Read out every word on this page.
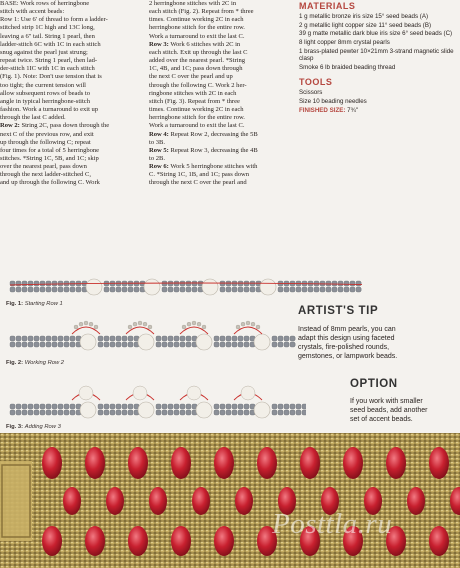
BASE: Work rows of herringbone

stitch with accent beads:

Row 1: Use 6' of thread to form a ladder-

stitched strip 1C high and 13C long,

leaving a 6" tail. String 1 pearl, then

ladder-stitch 6C with 1C in each stitch

snug against the pearl just strung;

repeat twice. String 1 pearl, then lad-

der-stitch 1IC with 1C in each stitch

(Fig. 1). Note: Don't use tension that is

too tight; the current tension will

allow subsequent rows of beads to

angle in typical herringbone-stitch

fashion. Work a turnaround to exit up

through the last C added.

Row 2: String 2C, pass down through the

next C of the previous row, and exit

up through the following C; repeat

four times for a total of 5 herringbone

stitches. *String 1C, 5B, and 1C; skip

over the nearest pearl, pass down

through the next ladder-stitched C,

and up through the following C. Work

2 herringbone stitches with 2C in

each stitch (Fig. 2). Repeat from * three

times. Continue working 2C in each

herringbone stitch for the entire row.

Work a turnaround to exit the last C.

Row 3: Work 6 stitches with 2C in

each stitch. Exit up through the last C

added over the nearest pearl. *String

1C, 4B, and 1C; pass down through

the next C over the pearl and up

through the following C. Work 2 her-

ringbone stitches with 2C in each

stitch (Fig. 3). Repeat from * three

times. Continue working 2C in each

herringbone stitch for the entire row.

Work a turnaround to exit the last C.

Row 4: Repeat Row 2, decreasing the 5B

to 3B.

Row 5: Repeat Row 3, decreasing the 4B

to 2B.

Row 6: Work 5 herringbone stitches with

C. *String 1C, 1B, and 1C; pass down

through the next C over the pearl and

MATERIALS

1 g metallic bronze iris size 15° seed beads (A)

2 g metallic light copper size 11° seed beads (B)

39 g matte metallic dark blue iris size 6° seed beads (C)

8 light copper 8mm crystal pearls

1 brass-plated pewter 10×21mm 3-strand magnetic slide clasp

Smoke 6 lb braided beading thread

TOOLS

Scissors

Size 10 beading needles

FINISHED SIZE: 7¾"

Fig. 1: Starting Row 1
Fig. 2: Working Row 2
Fig. 3: Adding Row 3
ARTIST'S TIP
Instead of 8mm pearls, you can
adapt this design using faceted
crystals, fire-polished rounds,
gemstones, or lampwork beads.
OPTION
If you work with smaller
seed beads, add another
set of accent beads.
Posttla.ru
